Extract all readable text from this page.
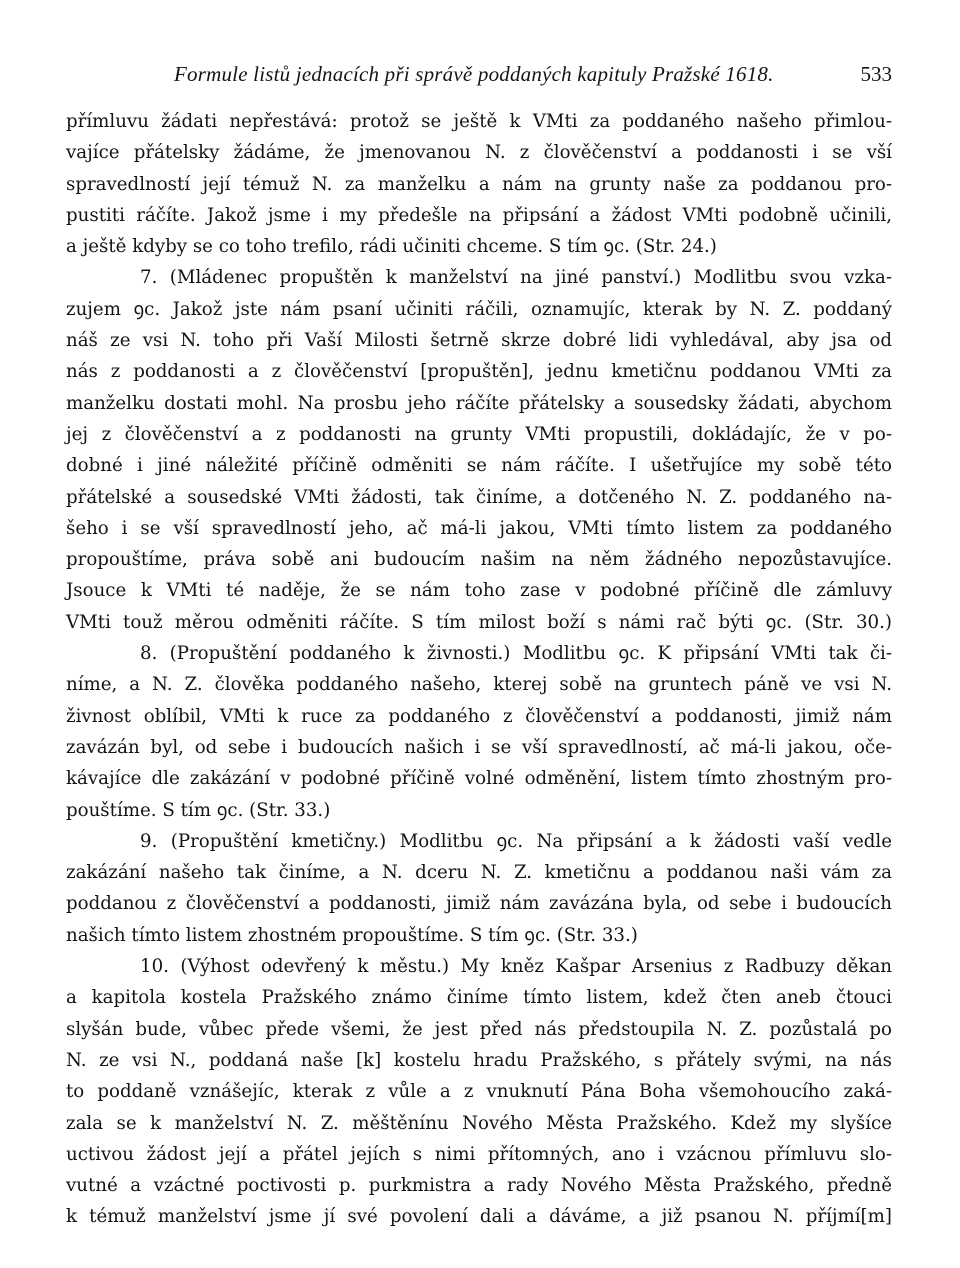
Formule listů jednacích při správě poddaných kapituly Pražské 1618.	533
přímluvu žádati nepřestává: protož se ještě k VMti za poddaného našeho přimlou-
vajíce přátelsky žádáme, že jmenovanou N. z člověčenství a poddanosti i se vší
spravedlností její témuž N. za manželku a nám na grunty naše za poddanou pro-
pustiti ráčíte. Jakož jsme i my předešle na připsání a žádost VMti podobně učinili,
a ještě kdyby se co toho trefilo, rádi učiniti chceme. S tím ꝯc. (Str. 24.)
7. (Mládenec propuštěn k manželství na jiné panství.) Modlitbu svou vzka-
zujem ꝯc. Jakož jste nám psaní učiniti ráčili, oznamujíc, kterak by N. Z. poddaný
náš ze vsi N. toho při Vaší Milosti šetrně skrze dobré lidi vyhledával, aby jsa od
nás z poddanosti a z člověčenství [propuštěn], jednu kmetičnu poddanou VMti za
manželku dostati mohl. Na prosbu jeho ráčíte přátelsky a sousedsky žádati, abychom
jej z člověčenství a z poddanosti na grunty VMti propustili, dokládajíc, že v po-
dobné i jiné náležité příčině odměniti se nám ráčíte. I ušetřujíce my sobě této
přátelské a sousedské VMti žádosti, tak činíme, a dotčeného N. Z. poddaného na-
šeho i se vší spravedlností jeho, ač má-li jakou, VMti tímto listem za poddaného
propouštíme, práva sobě ani budoucím našim na něm žádného nepozůstavujíce.
Jsouce k VMti té naděje, že se nám toho zase v podobné příčině dle zámluvy
VMti touž měrou odměniti ráčíte. S tím milost boží s námi rač býti ꝯc. (Str. 30.)
8. (Propuštění poddaného k živnosti.) Modlitbu ꝯc. K připsání VMti tak či-
níme, a N. Z. člověka poddaného našeho, kterej sobě na gruntech páně ve vsi N.
živnost oblíbil, VMti k ruce za poddaného z člověčenství a poddanosti, jimiž nám
zavázán byl, od sebe i budoucích našich i se vší spravedlností, ač má-li jakou, oče-
kávajíce dle zakázání v podobné příčině volné odměnění, listem tímto zhostným pro-
pouštíme. S tím ꝯc. (Str. 33.)
9. (Propuštění kmetičny.) Modlitbu ꝯc. Na připsání a k žádosti vaší vedle
zakázání našeho tak činíme, a N. dceru N. Z. kmetičnu a poddanou naši vám za
poddanou z člověčenství a poddanosti, jimiž nám zavázána byla, od sebe i budoucích
našich tímto listem zhostném propouštíme. S tím ꝯc. (Str. 33.)
10. (Výhost odevřený k městu.) My kněz Kašpar Arsenius z Radbuzy děkan
a kapitola kostela Pražského známo činíme tímto listem, kdež čten aneb čtouci
slyšán bude, vůbec přede všemi, že jest před nás předstoupila N. Z. pozůstalá po
N. ze vsi N., poddaná naše [k] kostelu hradu Pražského, s přátely svými, na nás
to poddaně vznášejíc, kterak z vůle a z vnuknutí Pána Boha všemohoucího zaká-
zala se k manželství N. Z. měštěnínu Nového Města Pražského. Kdež my slyšíce
uctivou žádost její a přátel jejích s nimi přítomných, ano i vzácnou přímluvu slo-
vutné a vzáctné poctivosti p. purkmistra a rady Nového Města Pražského, předně
k témuž manželství jsme jí své povolení dali a dáváme, a již psanou N. příjmí[m]
